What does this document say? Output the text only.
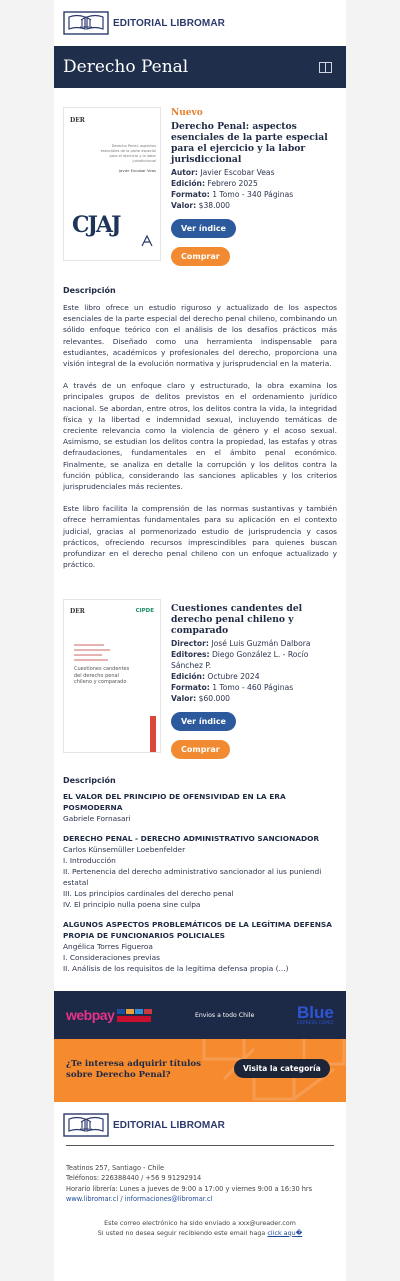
EDITORIAL LIBROMAR
Derecho Penal
DER
Derecho Penal: aspectos esenciales de la parte especial para el ejercicio y la labor jurisdiccional
Javier Escobar Veas
CJAJ
Nuevo
Derecho Penal: aspectos esenciales de la parte especial para el ejercicio y la labor jurisdiccional
Autor: Javier Escobar Veas
Edición: Febrero 2025
Formato: 1 Tomo - 340 Páginas
Valor: $38.000
Ver índice
Comprar
Descripción
Este libro ofrece un estudio riguroso y actualizado de los aspectos esenciales de la parte especial del derecho penal chileno, combinando un sólido enfoque teórico con el análisis de los desafíos prácticos más relevantes. Diseñado como una herramienta indispensable para estudiantes, académicos y profesionales del derecho, proporciona una visión integral de la evolución normativa y jurisprudencial en la materia.
A través de un enfoque claro y estructurado, la obra examina los principales grupos de delitos previstos en el ordenamiento jurídico nacional. Se abordan, entre otros, los delitos contra la vida, la integridad física y la libertad e indemnidad sexual, incluyendo temáticas de creciente relevancia como la violencia de género y el acoso sexual. Asimismo, se estudian los delitos contra la propiedad, las estafas y otras defraudaciones, fundamentales en el ámbito penal económico. Finalmente, se analiza en detalle la corrupción y los delitos contra la función pública, considerando las sanciones aplicables y los criterios jurisprudenciales más recientes.
Este libro facilita la comprensión de las normas sustantivas y también ofrece herramientas fundamentales para su aplicación en el contexto judicial, gracias al pormenorizado estudio de jurisprudencia y casos prácticos, ofreciendo recursos imprescindibles para quienes buscan profundizar en el derecho penal chileno con un enfoque actualizado y práctico.
DER	CIPDE
Cuestiones candentes del derecho penal chileno y comparado
Cuestiones candentes del derecho penal chileno y comparado
Director: José Luis Guzmán Dalbora
Editores: Diego González L. - Rocío Sánchez P.
Edición: Octubre 2024
Formato: 1 Tomo - 460 Páginas
Valor: $60.000
Ver índice
Comprar
Descripción
EL VALOR DEL PRINCIPIO DE OFENSIVIDAD EN LA ERA POSMODERNA
Gabriele Fornasari
DERECHO PENAL - DERECHO ADMINISTRATIVO SANCIONADOR
Carlos Künsemüller Loebenfelder
I. Introducción
II. Pertenencia del derecho administrativo sancionador al ius puniendi estatal
III. Los principios cardinales del derecho penal
IV. El principio nulla poena sine culpa
ALGUNOS ASPECTOS PROBLEMÁTICOS DE LA LEGÍTIMA DEFENSA PROPIA DE FUNCIONARIOS POLICIALES
Angélica Torres Figueroa
I. Consideraciones previas
II. Análisis de los requisitos de la legítima defensa propia (...)
webpay	Envios a todo Chile	Blue
EXPRESS COPEC
¿Te interesa adquirir títulos sobre Derecho Penal?
Visita la categoría
EDITORIAL LIBROMAR
Teatinos 257, Santiago - Chile
Teléfonos: 226388440 / +56 9 91292914
Horario librería: Lunes a jueves de 9:00 a 17:00 y viernes 9:00 a 16:30 hrs
www.libromar.cl / informaciones@libromar.cl
Este correo electrónico ha sido enviado a xxx@ureader.com
Si usted no desea seguir recibiendo este email haga click aqu�
